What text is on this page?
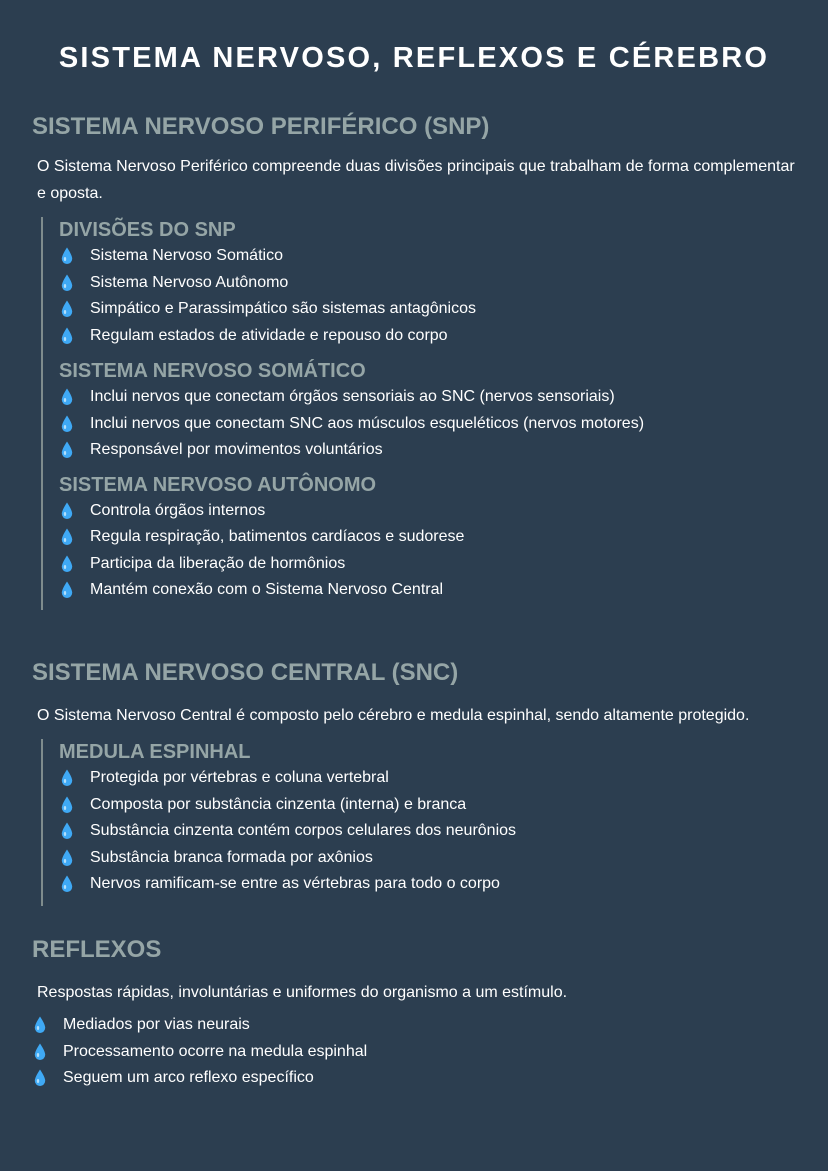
SISTEMA NERVOSO, REFLEXOS E CÉREBRO
SISTEMA NERVOSO PERIFÉRICO (SNP)

O Sistema Nervoso Periférico compreende duas divisões principais que trabalham de forma complementar e oposta.

DIVISÕES DO SNP
Sistema Nervoso Somático
Sistema Nervoso Autônomo
Simpático e Parassimpático são sistemas antagônicos
Regulam estados de atividade e repouso do corpo
SISTEMA NERVOSO SOMÁTICO
Inclui nervos que conectam órgãos sensoriais ao SNC (nervos sensoriais)
Inclui nervos que conectam SNC aos músculos esqueléticos (nervos motores)
Responsável por movimentos voluntários
SISTEMA NERVOSO AUTÔNOMO
Controla órgãos internos
Regula respiração, batimentos cardíacos e sudorese
Participa da liberação de hormônios
Mantém conexão com o Sistema Nervoso Central
SISTEMA NERVOSO CENTRAL (SNC)

O Sistema Nervoso Central é composto pelo cérebro e medula espinhal, sendo altamente protegido.

MEDULA ESPINHAL
Protegida por vértebras e coluna vertebral
Composta por substância cinzenta (interna) e branca
Substância cinzenta contém corpos celulares dos neurônios
Substância branca formada por axônios
Nervos ramificam-se entre as vértebras para todo o corpo
REFLEXOS

Respostas rápidas, involuntárias e uniformes do organismo a um estímulo.

Mediados por vias neurais
Processamento ocorre na medula espinhal
Seguem um arco reflexo específico
